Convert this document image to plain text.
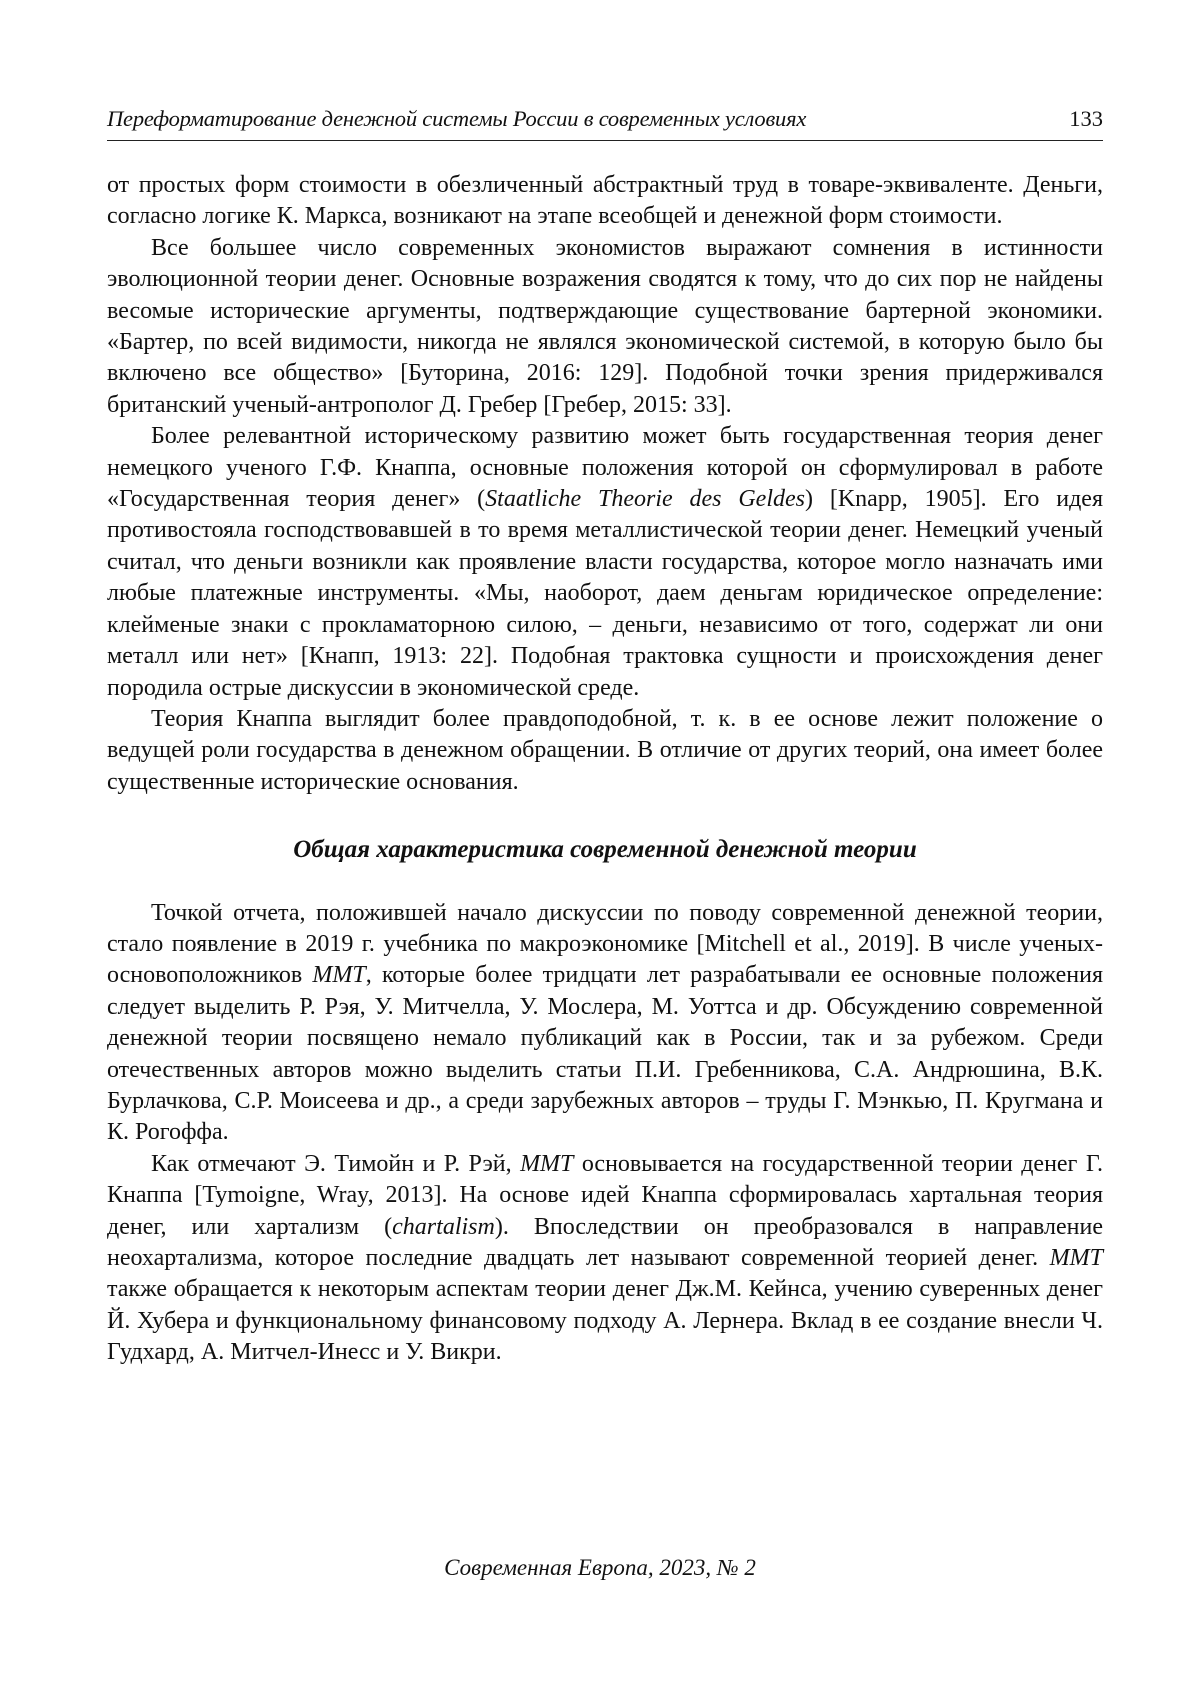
Переформатирование денежной системы России в современных условиях	133

от простых форм стоимости в обезличенный абстрактный труд в товаре-эквиваленте. Деньги, согласно логике К. Маркса, возникают на этапе всеобщей и денежной форм стоимости.

Все большее число современных экономистов выражают сомнения в истинности эволюционной теории денег. Основные возражения сводятся к тому, что до сих пор не найдены весомые исторические аргументы, подтверждающие существование бартерной экономики. «Бартер, по всей видимости, никогда не являлся экономической системой, в которую было бы включено все общество» [Буторина, 2016: 129]. Подобной точки зрения придерживался британский ученый-антрополог Д. Гребер [Гребер, 2015: 33].

Более релевантной историческому развитию может быть государственная теория денег немецкого ученого Г.Ф. Кнаппа, основные положения которой он сформулировал в работе «Государственная теория денег» (Staatliche Theorie des Geldes) [Knapp, 1905]. Его идея противостояла господствовавшей в то время металлистической теории денег. Немецкий ученый считал, что деньги возникли как проявление власти государства, которое могло назначать ими любые платежные инструменты. «Мы, наоборот, даем деньгам юридическое определение: клейменые знаки с прокламаторною силою, – деньги, независимо от того, содержат ли они металл или нет» [Кнапп, 1913: 22]. Подобная трактовка сущности и происхождения денег породила острые дискуссии в экономической среде.

Теория Кнаппа выглядит более правдоподобной, т. к. в ее основе лежит положение о ведущей роли государства в денежном обращении. В отличие от других теорий, она имеет более существенные исторические основания.

Общая характеристика современной денежной теории

Точкой отчета, положившей начало дискуссии по поводу современной денежной теории, стало появление в 2019 г. учебника по макроэкономике [Mitchell et al., 2019]. В числе ученых-основоположников MMT, которые более тридцати лет разрабатывали ее основные положения следует выделить Р. Рэя, У. Митчелла, У. Мослера, М. Уоттса и др. Обсуждению современной денежной теории посвящено немало публикаций как в России, так и за рубежом. Среди отечественных авторов можно выделить статьи П.И. Гребенникова, С.А. Андрюшина, В.К. Бурлачкова, С.Р. Моисеева и др., а среди зарубежных авторов – труды Г. Мэнкью, П. Кругмана и К. Рогоффа.

Как отмечают Э. Тимойн и Р. Рэй, MMT основывается на государственной теории денег Г. Кнаппа [Tymoigne, Wray, 2013]. На основе идей Кнаппа сформировалась хартальная теория денег, или хартализм (chartalism). Впоследствии он преобразовался в направление неохартализма, которое последние двадцать лет называют современной теорией денег. MMT также обращается к некоторым аспектам теории денег Дж.М. Кейнса, учению суверенных денег Й. Хубера и функциональному финансовому подходу А. Лернера. Вклад в ее создание внесли Ч. Гудхард, А. Митчел-Инесс и У. Викри.

Современная Европа, 2023, № 2
